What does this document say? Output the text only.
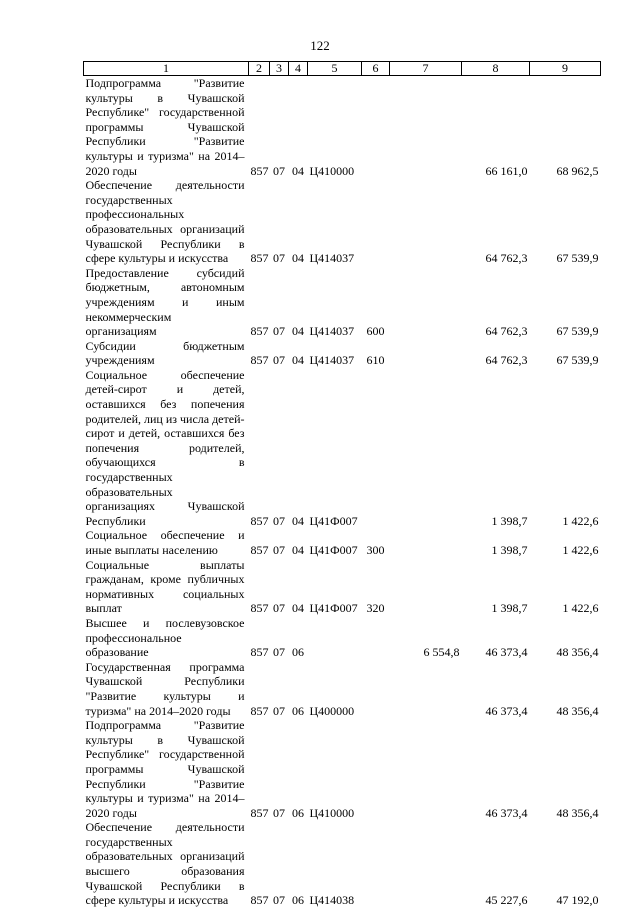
122
1	2	3	4	5	6	7	8	9
Подпрограмма "Развитие культуры в Чувашской Республике" государственной программы Чувашской Республики "Развитие культуры и туризма" на 2014–2020 годы	857	07	04	Ц410000			66 161,0	68 962,5
Обеспечение деятельности государственных профессиональных образовательных организаций Чувашской Республики в сфере культуры и искусства	857	07	04	Ц414037			64 762,3	67 539,9
Предоставление субсидий бюджетным, автономным учреждениям и иным некоммерческим организациям	857	07	04	Ц414037	600		64 762,3	67 539,9
Субсидии бюджетным учреждениям	857	07	04	Ц414037	610		64 762,3	67 539,9
Социальное обеспечение детей-сирот и детей, оставшихся без попечения родителей, лиц из числа детей-сирот и детей, оставшихся без попечения родителей, обучающихся в государственных образовательных организациях Чувашской Республики	857	07	04	Ц41Ф007			1 398,7	1 422,6
Социальное обеспечение и иные выплаты населению	857	07	04	Ц41Ф007	300		1 398,7	1 422,6
Социальные выплаты гражданам, кроме публичных нормативных социальных выплат	857	07	04	Ц41Ф007	320		1 398,7	1 422,6
Высшее и послевузовское профессиональное образование	857	07	06			6 554,8	46 373,4	48 356,4
Государственная программа Чувашской Республики "Развитие культуры и туризма" на 2014–2020 годы	857	07	06	Ц400000			46 373,4	48 356,4
Подпрограмма "Развитие культуры в Чувашской Республике" государственной программы Чувашской Республики "Развитие культуры и туризма" на 2014–2020 годы	857	07	06	Ц410000			46 373,4	48 356,4
Обеспечение деятельности государственных образовательных организаций высшего образования Чувашской Республики в сфере культуры и искусства	857	07	06	Ц414038			45 227,6	47 192,0
